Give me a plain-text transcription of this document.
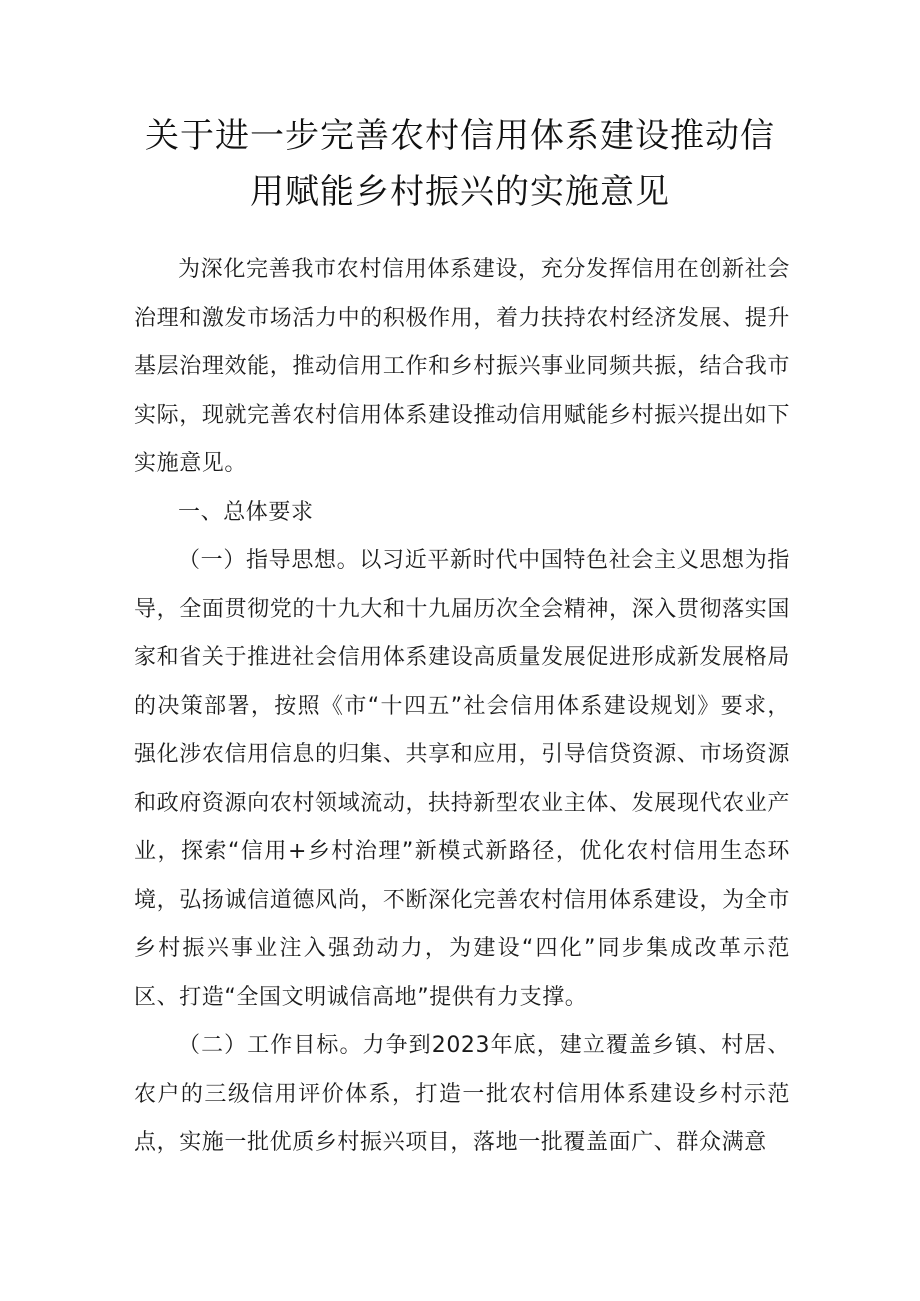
关于进一步完善农村信用体系建设推动信
用赋能乡村振兴的实施意见

为深化完善我市农村信用体系建设，充分发挥信用在创新社会治理和激发市场活力中的积极作用，着力扶持农村经济发展、提升基层治理效能，推动信用工作和乡村振兴事业同频共振，结合我市实际，现就完善农村信用体系建设推动信用赋能乡村振兴提出如下实施意见。

一、总体要求

（一）指导思想。以习近平新时代中国特色社会主义思想为指导，全面贯彻党的十九大和十九届历次全会精神，深入贯彻落实国家和省关于推进社会信用体系建设高质量发展促进形成新发展格局的决策部署，按照《市“十四五”社会信用体系建设规划》要求，强化涉农信用信息的归集、共享和应用，引导信贷资源、市场资源和政府资源向农村领域流动，扶持新型农业主体、发展现代农业产业，探索“信用+乡村治理”新模式新路径，优化农村信用生态环境，弘扬诚信道德风尚，不断深化完善农村信用体系建设，为全市乡村振兴事业注入强劲动力，为建设“四化”同步集成改革示范区、打造“全国文明诚信高地”提供有力支撑。

（二）工作目标。力争到2023年底，建立覆盖乡镇、村居、农户的三级信用评价体系，打造一批农村信用体系建设乡村示范点，实施一批优质乡村振兴项目，落地一批覆盖面广、群众满意
